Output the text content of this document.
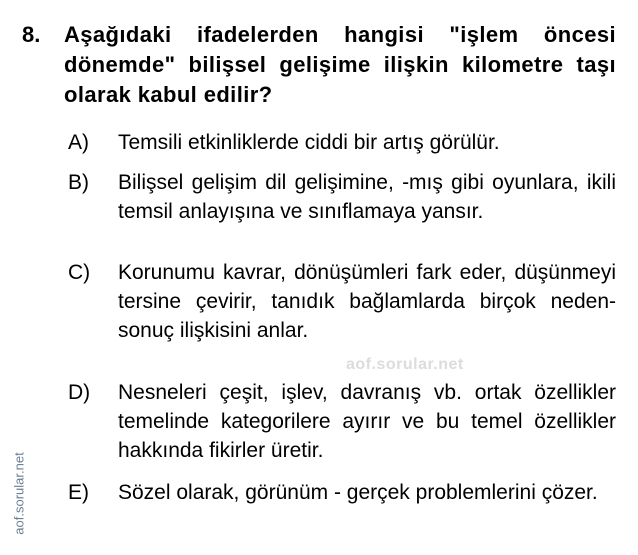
8. Aşağıdaki ifadelerden hangisi "işlem öncesi dönemde" bilişsel gelişime ilişkin kilometre taşı olarak kabul edilir?
A) Temsili etkinliklerde ciddi bir artış görülür.
B) Bilişsel gelişim dil gelişimine, -mış gibi oyunlara, ikili temsil anlayışına ve sınıflamaya yansır.
C) Korunumu kavrar, dönüşümleri fark eder, düşünmeyi tersine çevirir, tanıdık bağlamlarda birçok neden-sonuç ilişkisini anlar.
D) Nesneleri çeşit, işlev, davranış vb. ortak özellikler temelinde kategorilere ayırır ve bu temel özellikler hakkında fikirler üretir.
E) Sözel olarak, görünüm - gerçek problemlerini çözer.
aof.sorular.net
aof.sorular.net
